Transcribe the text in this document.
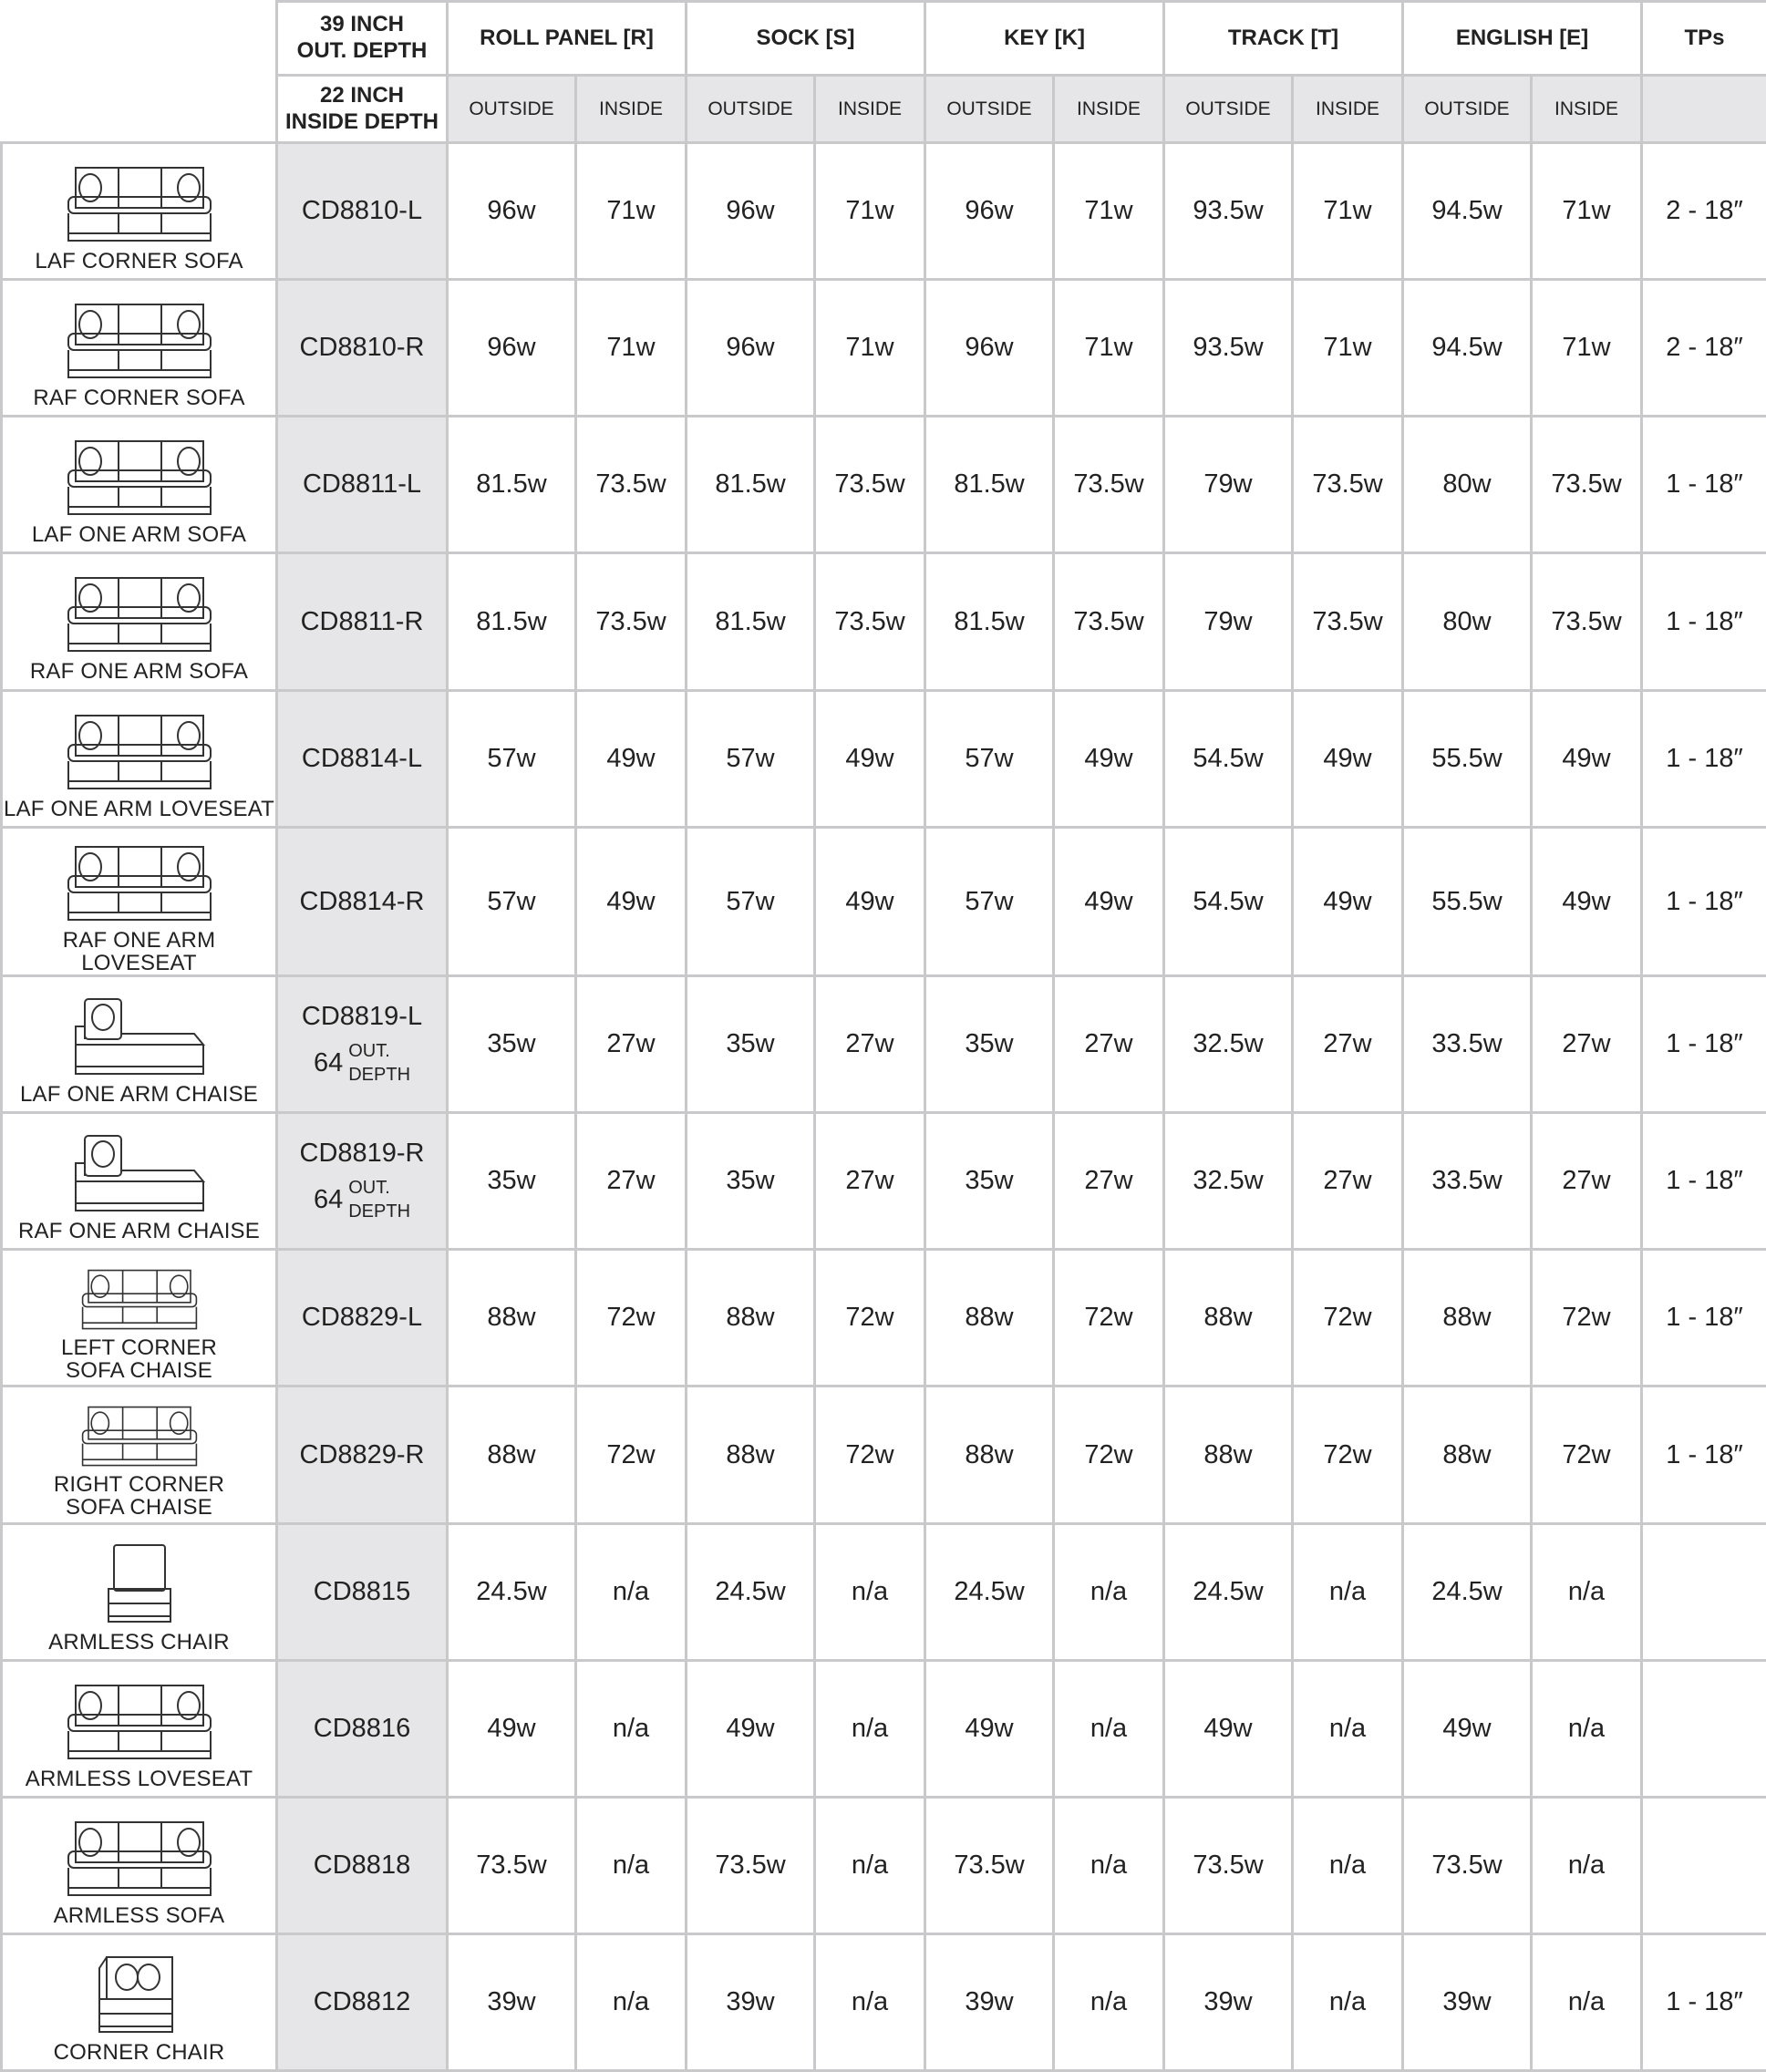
	39 INCH
OUT. DEPTH	ROLL PANEL [R]		SOCK [S]		KEY [K]		TRACK [T]		ENGLISH [E]		TPs

	22 INCH
INSIDE DEPTH	OUTSIDE	INSIDE	OUTSIDE	INSIDE	OUTSIDE	INSIDE	OUTSIDE	INSIDE	OUTSIDE	INSIDE	

LAF CORNER SOFA	CD8810-L	96w	71w	96w	71w	96w	71w	93.5w	71w	94.5w	71w	2 - 18″

RAF CORNER SOFA	CD8810-R	96w	71w	96w	71w	96w	71w	93.5w	71w	94.5w	71w	2 - 18″

LAF ONE ARM SOFA	CD8811-L	81.5w	73.5w	81.5w	73.5w	81.5w	73.5w	79w	73.5w	80w	73.5w	1 - 18″

RAF ONE ARM SOFA	CD8811-R	81.5w	73.5w	81.5w	73.5w	81.5w	73.5w	79w	73.5w	80w	73.5w	1 - 18″

LAF ONE ARM LOVESEAT	CD8814-L	57w	49w	57w	49w	57w	49w	54.5w	49w	55.5w	49w	1 - 18″

RAF ONE ARM LOVESEAT	CD8814-R	57w	49w	57w	49w	57w	49w	54.5w	49w	55.5w	49w	1 - 18″

LAF ONE ARM CHAISE	CD8819-L
64 OUT.
DEPTH	35w	27w	35w	27w	35w	27w	32.5w	27w	33.5w	27w	1 - 18″

RAF ONE ARM CHAISE	CD8819-R
64 OUT.
DEPTH	35w	27w	35w	27w	35w	27w	32.5w	27w	33.5w	27w	1 - 18″

LEFT CORNER
SOFA CHAISE	CD8829-L	88w	72w	88w	72w	88w	72w	88w	72w	88w	72w	1 - 18″

RIGHT CORNER
SOFA CHAISE	CD8829-R	88w	72w	88w	72w	88w	72w	88w	72w	88w	72w	1 - 18″

ARMLESS CHAIR	CD8815	24.5w	n/a	24.5w	n/a	24.5w	n/a	24.5w	n/a	24.5w	n/a	

ARMLESS LOVESEAT	CD8816	49w	n/a	49w	n/a	49w	n/a	49w	n/a	49w	n/a	

ARMLESS SOFA	CD8818	73.5w	n/a	73.5w	n/a	73.5w	n/a	73.5w	n/a	73.5w	n/a	

CORNER CHAIR	CD8812	39w	n/a	39w	n/a	39w	n/a	39w	n/a	39w	n/a	1 - 18″
